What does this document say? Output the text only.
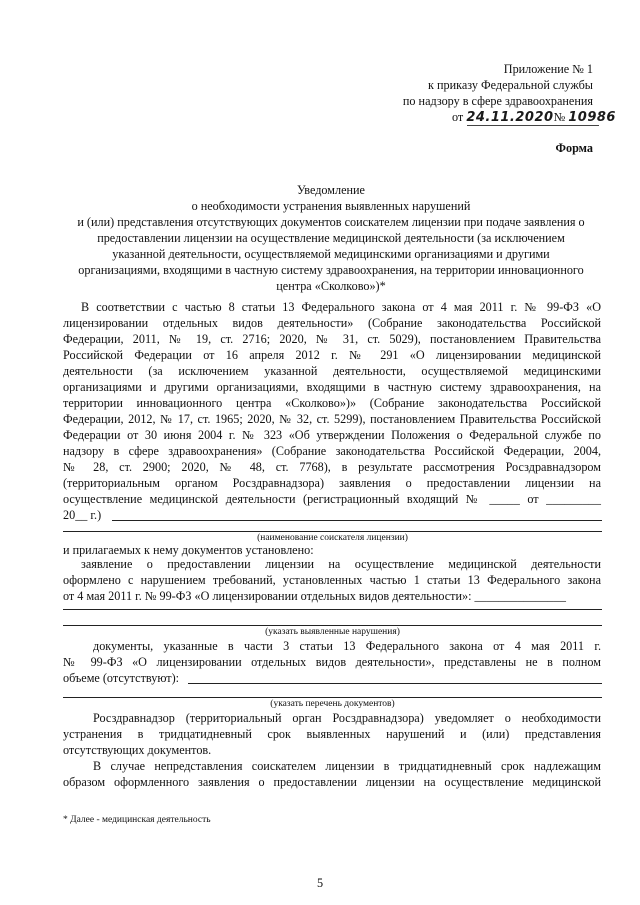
Приложение № 1
к приказу Федеральной службы
по надзору в сфере здравоохранения
от 24.11.2020№ 10986
Форма
Уведомление
о необходимости устранения выявленных нарушений
и (или) представления отсутствующих документов соискателем лицензии при подаче заявления о
предоставлении лицензии на осуществление медицинской деятельности (за исключением
указанной деятельности, осуществляемой медицинскими организациями и другими
организациями, входящими в частную систему здравоохранения, на территории инновационного
центра «Сколково»)*
В соответствии с частью 8 статьи 13 Федерального закона от 4 мая 2011 г. № 99-ФЗ «О
лицензировании отдельных видов деятельности» (Собрание законодательства Российской
Федерации, 2011, № 19, ст. 2716; 2020, № 31, ст. 5029), постановлением Правительства
Российской Федерации от 16 апреля 2012 г. № 291 «О лицензировании медицинской
деятельности (за исключением указанной деятельности, осуществляемой медицинскими
организациями и другими организациями, входящими в частную систему здравоохранения, на
территории инновационного центра «Сколково»)» (Собрание законодательства Российской
Федерации, 2012, № 17, ст. 1965; 2020, № 32, ст. 5299), постановлением Правительства Российской
Федерации от 30 июня 2004 г. № 323 «Об утверждении Положения о Федеральной службе по
надзору в сфере здравоохранения» (Собрание законодательства Российской Федерации, 2004,
№ 28, ст. 2900; 2020, № 48, ст. 7768), в результате рассмотрения Росздравнадзором
(территориальным органом Росздравнадзора) заявления о предоставлении лицензии на
осуществление медицинской деятельности (регистрационный входящий № _____ от _________
20__ г.)
(наименование соискателя лицензии)
и прилагаемых к нему документов установлено:
заявление о предоставлении лицензии на осуществление медицинской деятельности
оформлено с нарушением требований, установленных частью 1 статьи 13 Федерального закона
от 4 мая 2011 г. № 99-ФЗ «О лицензировании отдельных видов деятельности»: _______________
(указать выявленные нарушения)
документы, указанные в части 3 статьи 13 Федерального закона от 4 мая 2011 г.
№ 99-ФЗ «О лицензировании отдельных видов деятельности», представлены не в полном
объеме (отсутствуют):
(указать перечень документов)
Росздравнадзор (территориальный орган Росздравнадзора) уведомляет о необходимости
устранения в тридцатидневный срок выявленных нарушений и (или) представления
отсутствующих документов.
В случае непредставления соискателем лицензии в тридцатидневный срок надлежащим
образом оформленного заявления о предоставлении лицензии на осуществление медицинской
* Далее - медицинская деятельность
5
